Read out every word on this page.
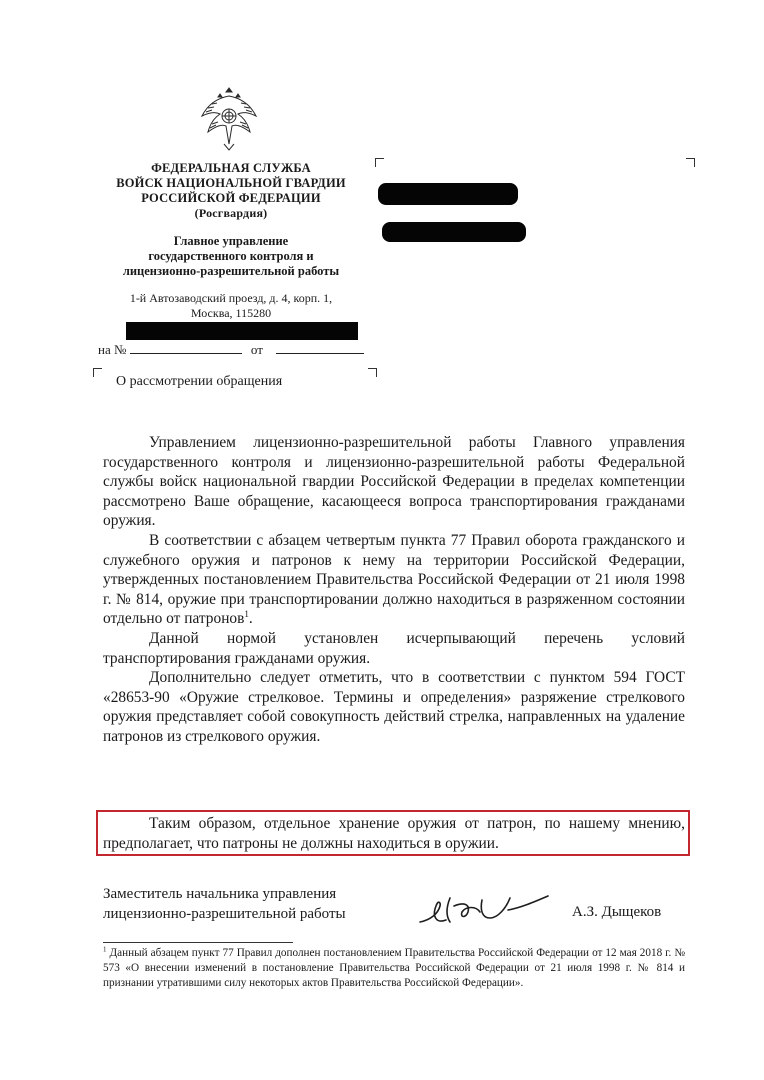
ФЕДЕРАЛЬНАЯ СЛУЖБА
ВОЙСК НАЦИОНАЛЬНОЙ ГВАРДИИ
РОССИЙСКОЙ ФЕДЕРАЦИИ
(Росгвардия)
Главное управление
государственного контроля и
лицензионно-разрешительной работы
1-й Автозаводский проезд, д. 4, корп. 1,
Москва, 115280
на №	от
О рассмотрении обращения

Управлением лицензионно-разрешительной работы Главного управления государственного контроля и лицензионно-разрешительной работы Федеральной службы войск национальной гвардии Российской Федерации в пределах компетенции рассмотрено Ваше обращение, касающееся вопроса транспортирования гражданами оружия.

В соответствии с абзацем четвертым пункта 77 Правил оборота гражданского и служебного оружия и патронов к нему на территории Российской Федерации, утвержденных постановлением Правительства Российской Федерации от 21 июля 1998 г. № 814, оружие при транспортировании должно находиться в разряженном состоянии отдельно от патронов$^1$.

Данной нормой установлен исчерпывающий перечень условий транспортирования гражданами оружия.

Дополнительно следует отметить, что в соответствии с пунктом 594 ГОСТ «28653-90 «Оружие стрелковое. Термины и определения» разряжение стрелкового оружия представляет собой совокупность действий стрелка, направленных на удаление патронов из стрелкового оружия.

Таким образом, отдельное хранение оружия от патрон, по нашему мнению, предполагает, что патроны не должны находиться в оружии.

Заместитель начальника управления
лицензионно-разрешительной работы	А.З. Дыщеков
$^1$ Данный абзацем пункт 77 Правил дополнен постановлением Правительства Российской Федерации от 12 мая 2018 г. № 573 «О внесении изменений в постановление Правительства Российской Федерации от 21 июля 1998 г. № 814 и признании утратившими силу некоторых актов Правительства Российской Федерации».
